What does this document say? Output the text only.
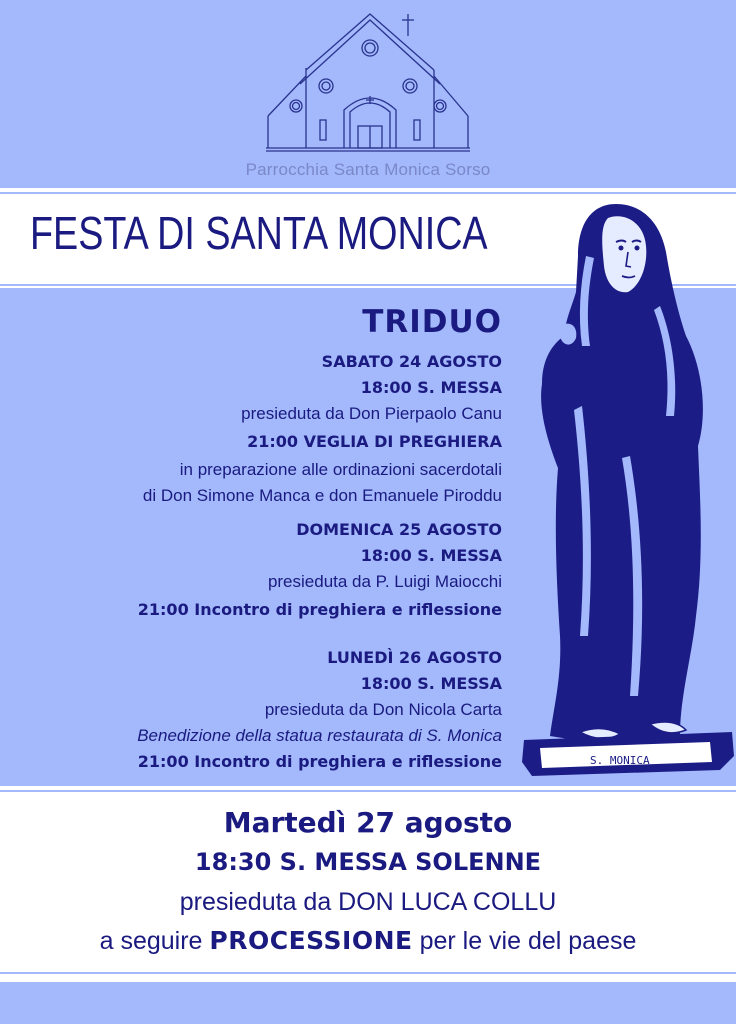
Parrocchia Santa Monica Sorso
FESTA DI SANTA MONICA
S. MONICA
TRIDUO
SABATO 24 AGOSTO
18:00 S. MESSA
presieduta da Don Pierpaolo Canu
21:00 VEGLIA DI PREGHIERA
in preparazione alle ordinazioni sacerdotali
di Don Simone Manca e don Emanuele Piroddu
DOMENICA 25 AGOSTO
18:00 S. MESSA
presieduta da P. Luigi Maiocchi
21:00 Incontro di preghiera e riflessione
LUNEDÌ 26 AGOSTO
18:00 S. MESSA
presieduta da Don Nicola Carta
Benedizione della statua restaurata di S. Monica
21:00 Incontro di preghiera e riflessione
Martedì 27 agosto
18:30 S. MESSA SOLENNE
presieduta da DON LUCA COLLU
a seguire PROCESSIONE per le vie del paese
